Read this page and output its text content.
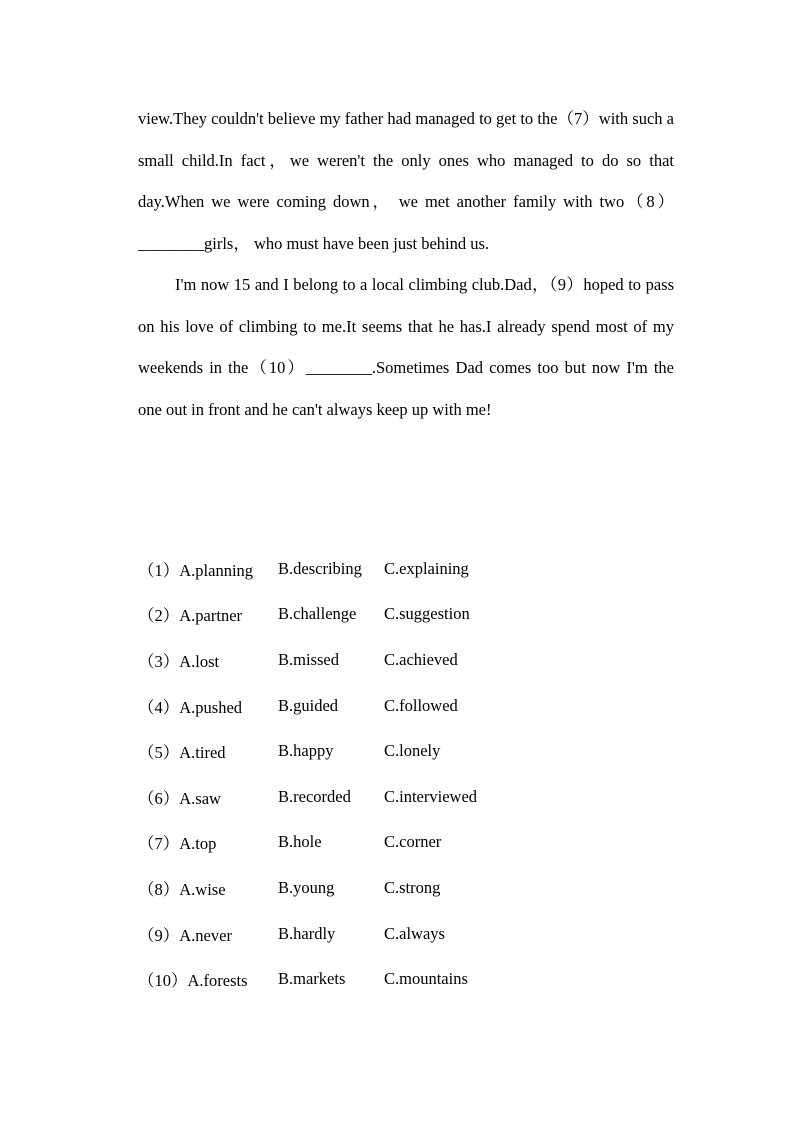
view.They couldn't believe my father had managed to get to the（7）with such a small child.In fact，we weren't the only ones who managed to do so that day.When we were coming down， we met another family with two（8）________girls， who must have been just behind us.

I'm now 15 and I belong to a local climbing club.Dad，（9）hoped to pass on his love of climbing to me.It seems that he has.I already spend most of my weekends in the（10）________.Sometimes Dad comes too but now I'm the one out in front and he can't always keep up with me!

（1）A.planning	B.describing	C.explaining
（2）A.partner	B.challenge	C.suggestion
（3）A.lost	B.missed	C.achieved
（4）A.pushed	B.guided	C.followed
（5）A.tired	B.happy	C.lonely
（6）A.saw	B.recorded	C.interviewed
（7）A.top	B.hole	C.corner
（8）A.wise	B.young	C.strong
（9）A.never	B.hardly	C.always
（10）A.forests	B.markets	C.mountains
